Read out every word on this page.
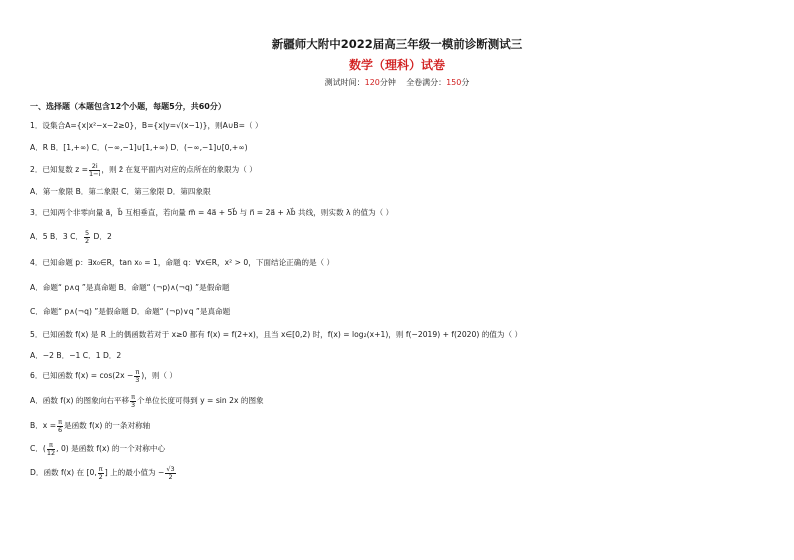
新疆师大附中2022届高三年级一模前诊断测试三
数学（理科）试卷
测试时间：120分钟 全卷满分：150分
一、选择题（本题包含12个小题，每题5分，共60分）
1．设集合A={x|x²−x−2≥0}，B={x|y=√(x−1)}，则A∪B=（ ）
A．R B．[1,+∞) C．(−∞,−1]∪[1,+∞) D．(−∞,−1]∪[0,+∞)
2．已知复数 $z = \frac{2i}{1-i}$ ，则 z̄ 在复平面内对应的点所在的象限为（ ）
A．第一象限 B．第二象限 C．第三象限 D．第四象限
3．已知两个非零向量 a⃗，b⃗ 互相垂直，若向量 m⃗ = 4a⃗ + 5b⃗ 与 n⃗ = 2a⃗ + λb⃗ 共线，则实数 λ 的值为（ ）
A．5 B．3 C． $\frac{5}{2}$ D．2
4．已知命题 p：∃x₀∈R，tan x₀ = 1，命题 q：∀x∈R，x² > 0，下面结论正确的是（ ）
A．命题“ p∧q ”是真命题 B．命题“ (¬p)∧(¬q) ”是假命题
C．命题“ p∧(¬q) ”是假命题 D．命题“ (¬p)∨q ”是真命题
5．已知函数 f(x) 是 R 上的偶函数若对于 x≥0 都有 f(x) = f(2+x)，且当 x∈[0,2) 时，f(x) = log₂(x+1)，则 f(−2019) + f(2020) 的值为（ ）
A．−2 B．−1 C．1 D．2
6．已知函数 $f(x) = \cos(2x - \frac{\pi}{3}$ )，则（ ）
A．函数 f(x) 的图象向右平移 $\frac{\pi}{3}$ 个单位长度可得到 y = sin 2x 的图象
B．$x = \frac{\pi}{6}$ 是函数 f(x) 的一条对称轴
C．( $\frac{\pi}{12}$ , 0) 是函数 f(x) 的一个对称中心
D．函数 f(x) 在 [0, $\frac{\pi}{2}$ ] 上的最小值为 − $\frac{√3}{2}$
